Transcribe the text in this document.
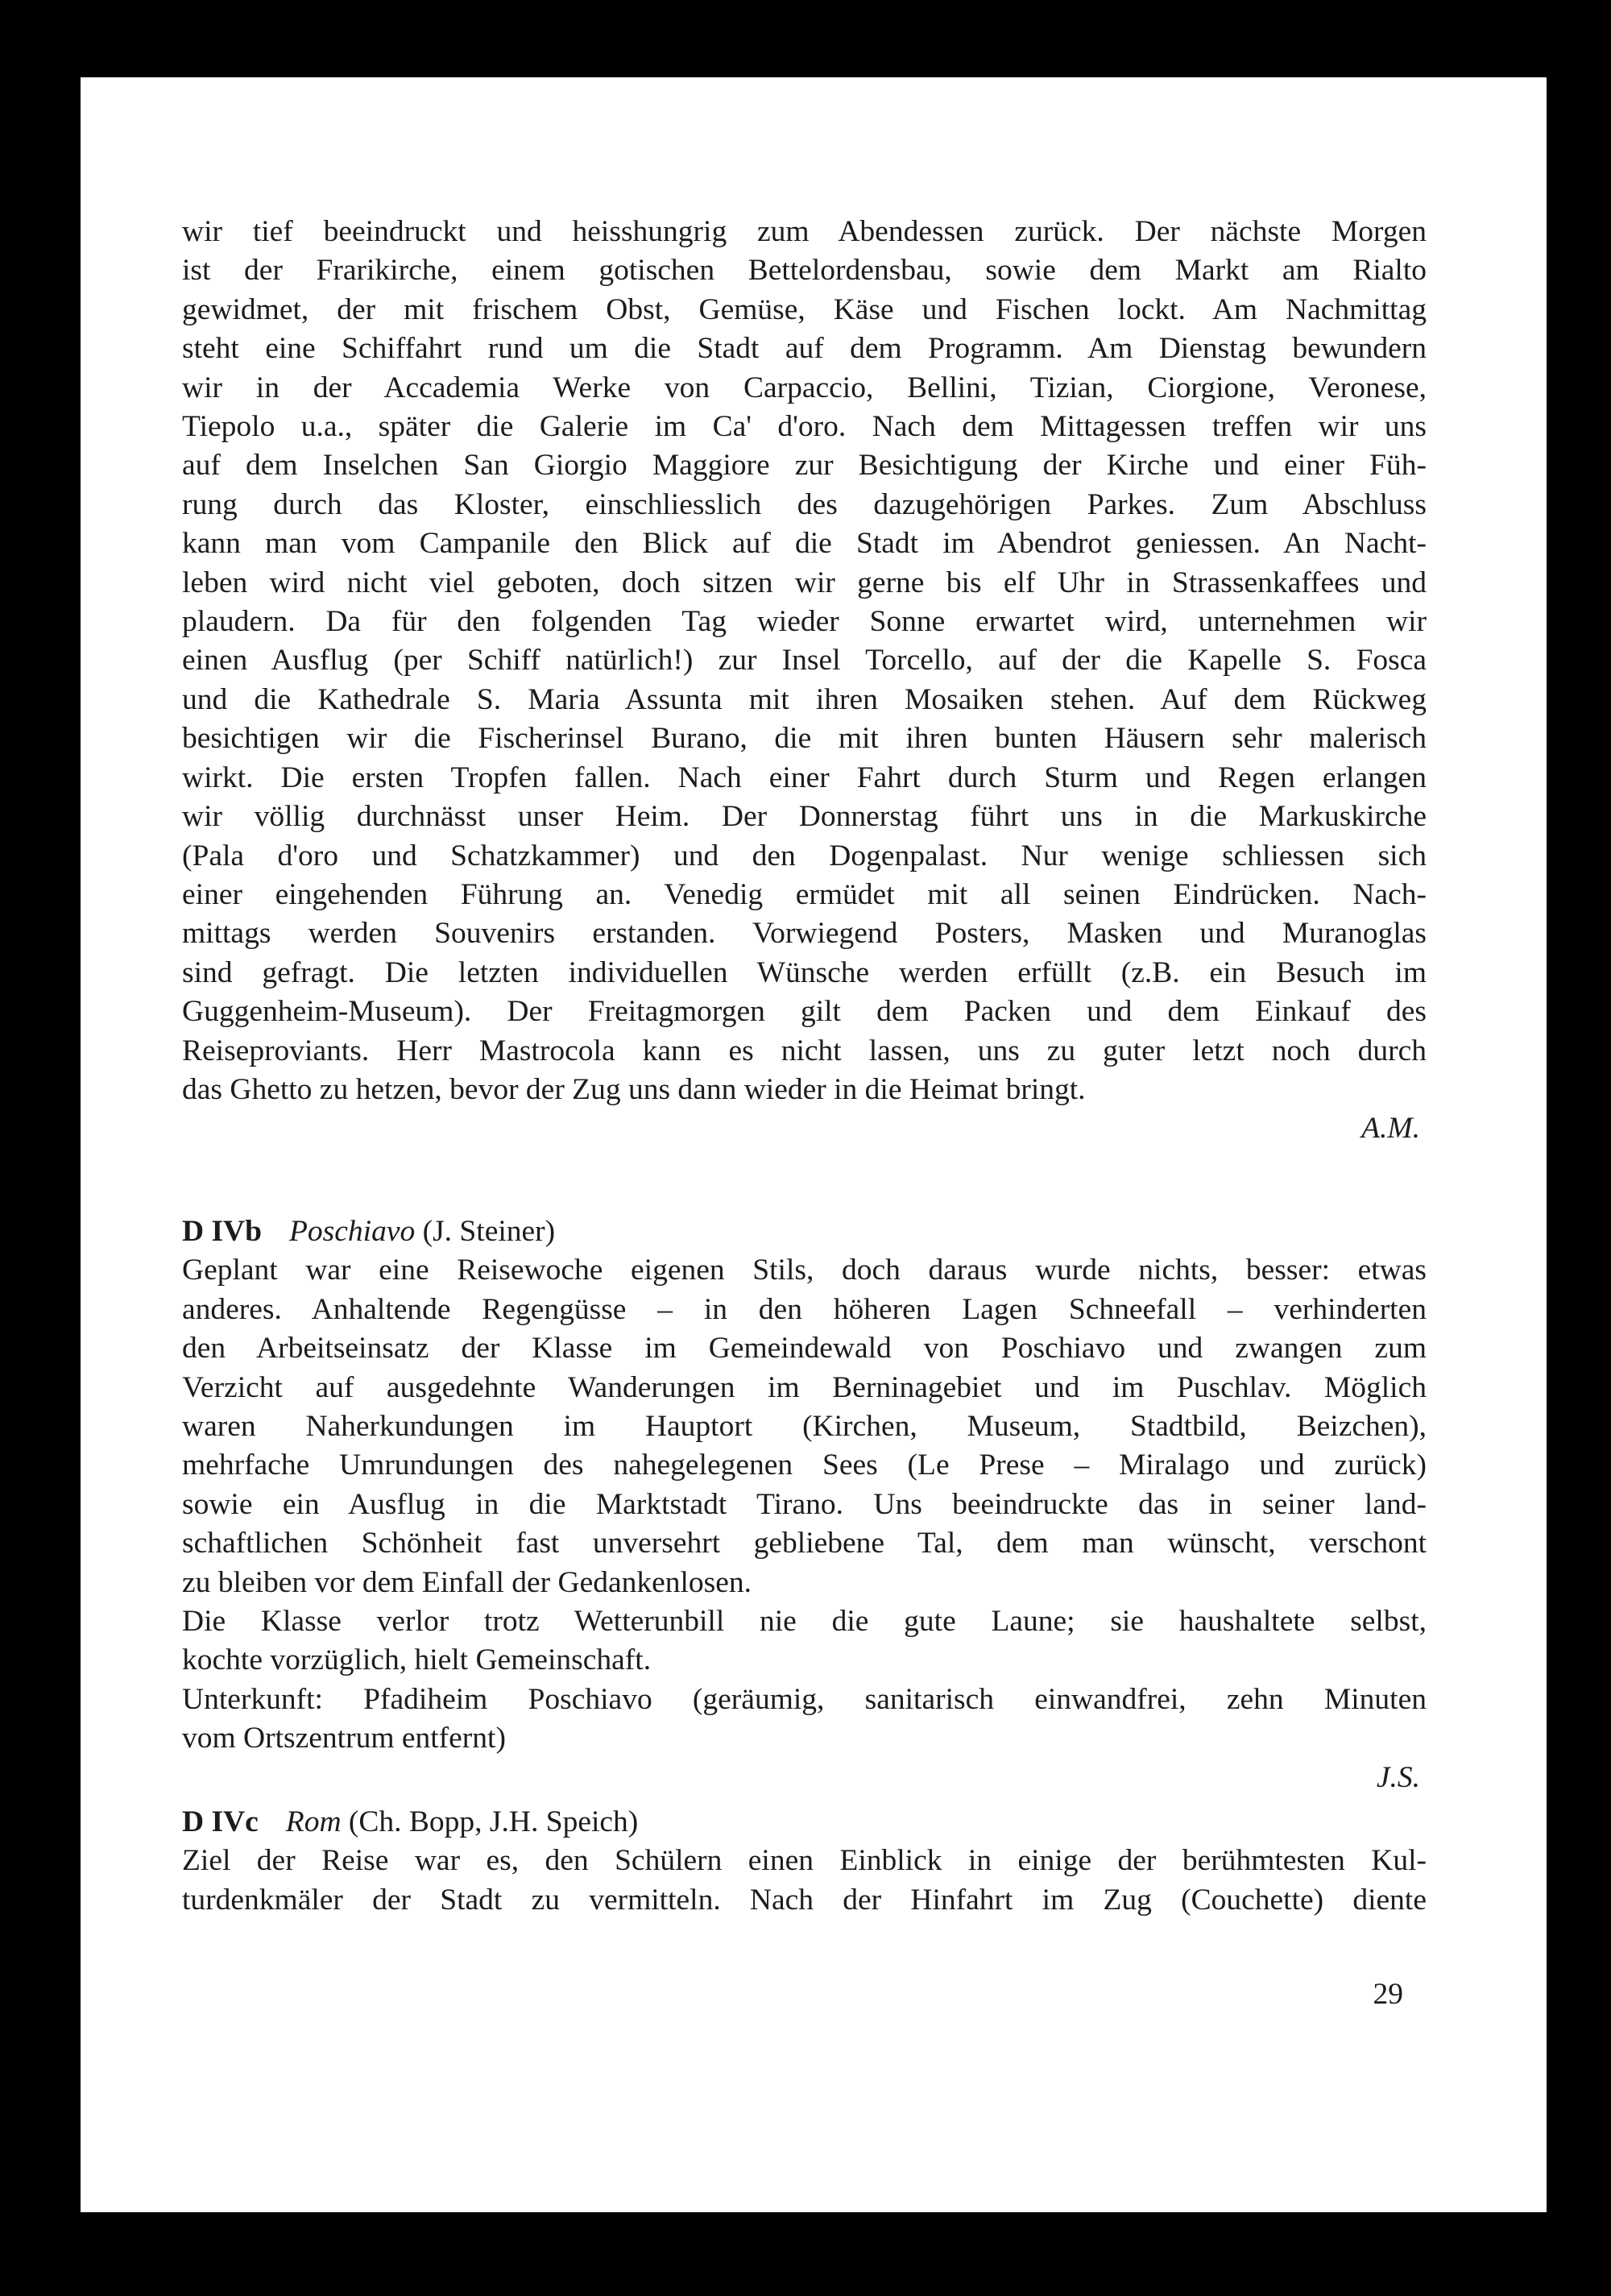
wir tief beeindruckt und heisshungrig zum Abendessen zurück. Der nächste Morgen
ist der Frarikirche, einem gotischen Bettelordensbau, sowie dem Markt am Rialto
gewidmet, der mit frischem Obst, Gemüse, Käse und Fischen lockt. Am Nachmittag
steht eine Schiffahrt rund um die Stadt auf dem Programm. Am Dienstag bewundern
wir in der Accademia Werke von Carpaccio, Bellini, Tizian, Ciorgione, Veronese,
Tiepolo u.a., später die Galerie im Ca' d'oro. Nach dem Mittagessen treffen wir uns
auf dem Inselchen San Giorgio Maggiore zur Besichtigung der Kirche und einer Füh-
rung durch das Kloster, einschliesslich des dazugehörigen Parkes. Zum Abschluss
kann man vom Campanile den Blick auf die Stadt im Abendrot geniessen. An Nacht-
leben wird nicht viel geboten, doch sitzen wir gerne bis elf Uhr in Strassenkaffees und
plaudern. Da für den folgenden Tag wieder Sonne erwartet wird, unternehmen wir
einen Ausflug (per Schiff natürlich!) zur Insel Torcello, auf der die Kapelle S. Fosca
und die Kathedrale S. Maria Assunta mit ihren Mosaiken stehen. Auf dem Rückweg
besichtigen wir die Fischerinsel Burano, die mit ihren bunten Häusern sehr malerisch
wirkt. Die ersten Tropfen fallen. Nach einer Fahrt durch Sturm und Regen erlangen
wir völlig durchnässt unser Heim. Der Donnerstag führt uns in die Markuskirche
(Pala d'oro und Schatzkammer) und den Dogenpalast. Nur wenige schliessen sich
einer eingehenden Führung an. Venedig ermüdet mit all seinen Eindrücken. Nach-
mittags werden Souvenirs erstanden. Vorwiegend Posters, Masken und Muranoglas
sind gefragt. Die letzten individuellen Wünsche werden erfüllt (z.B. ein Besuch im
Guggenheim-Museum). Der Freitagmorgen gilt dem Packen und dem Einkauf des
Reiseproviants. Herr Mastrocola kann es nicht lassen, uns zu guter letzt noch durch
das Ghetto zu hetzen, bevor der Zug uns dann wieder in die Heimat bringt.
A.M.
D IVb Poschiavo (J. Steiner)
Geplant war eine Reisewoche eigenen Stils, doch daraus wurde nichts, besser: etwas
anderes. Anhaltende Regengüsse – in den höheren Lagen Schneefall – verhinderten
den Arbeitseinsatz der Klasse im Gemeindewald von Poschiavo und zwangen zum
Verzicht auf ausgedehnte Wanderungen im Berninagebiet und im Puschlav. Möglich
waren Naherkundungen im Hauptort (Kirchen, Museum, Stadtbild, Beizchen),
mehrfache Umrundungen des nahegelegenen Sees (Le Prese – Miralago und zurück)
sowie ein Ausflug in die Marktstadt Tirano. Uns beeindruckte das in seiner land-
schaftlichen Schönheit fast unversehrt gebliebene Tal, dem man wünscht, verschont
zu bleiben vor dem Einfall der Gedankenlosen.
Die Klasse verlor trotz Wetterunbill nie die gute Laune; sie haushaltete selbst,
kochte vorzüglich, hielt Gemeinschaft.
Unterkunft: Pfadiheim Poschiavo (geräumig, sanitarisch einwandfrei, zehn Minuten
vom Ortszentrum entfernt)
J.S.
D IVc Rom (Ch. Bopp, J.H. Speich)
Ziel der Reise war es, den Schülern einen Einblick in einige der berühmtesten Kul-
turdenkmäler der Stadt zu vermitteln. Nach der Hinfahrt im Zug (Couchette) diente
29
